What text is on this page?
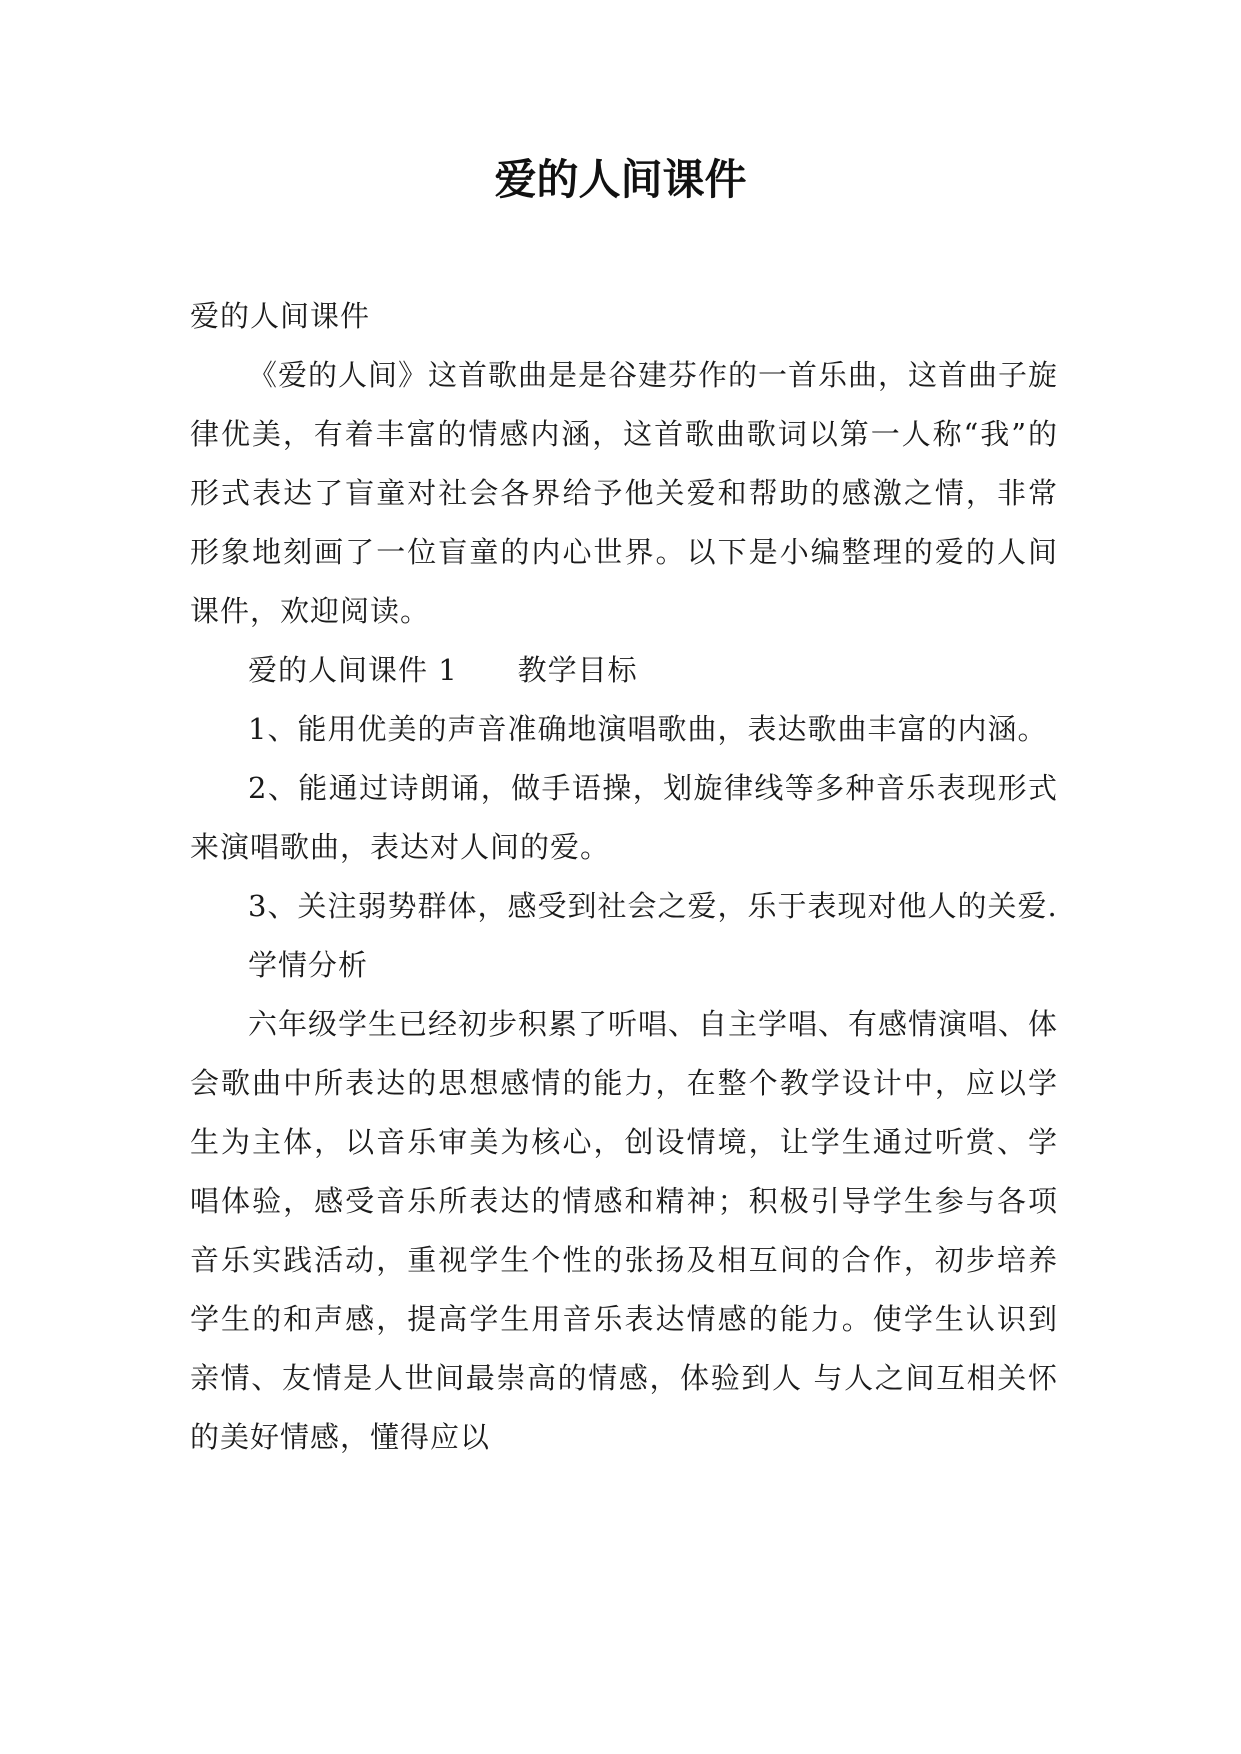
爱的人间课件

爱的人间课件

《爱的人间》这首歌曲是是谷建芬作的一首乐曲，这首曲子旋律优美，有着丰富的情感内涵，这首歌曲歌词以第一人称“我”的形式表达了盲童对社会各界给予他关爱和帮助的感激之情，非常形象地刻画了一位盲童的内心世界。以下是小编整理的爱的人间课件，欢迎阅读。

爱的人间课件 1　　教学目标

1、能用优美的声音准确地演唱歌曲，表达歌曲丰富的内涵。

2、能通过诗朗诵，做手语操，划旋律线等多种音乐表现形式来演唱歌曲，表达对人间的爱。

3、关注弱势群体，感受到社会之爱，乐于表现对他人的关爱.

学情分析

六年级学生已经初步积累了听唱、自主学唱、有感情演唱、体会歌曲中所表达的思想感情的能力，在整个教学设计中，应以学生为主体，以音乐审美为核心，创设情境，让学生通过听赏、学唱体验，感受音乐所表达的情感和精神；积极引导学生参与各项音乐实践活动，重视学生个性的张扬及相互间的合作，初步培养学生的和声感，提高学生用音乐表达情感的能力。使学生认识到亲情、友情是人世间最崇高的情感，体验到人 与人之间互相关怀的美好情感，懂得应以
